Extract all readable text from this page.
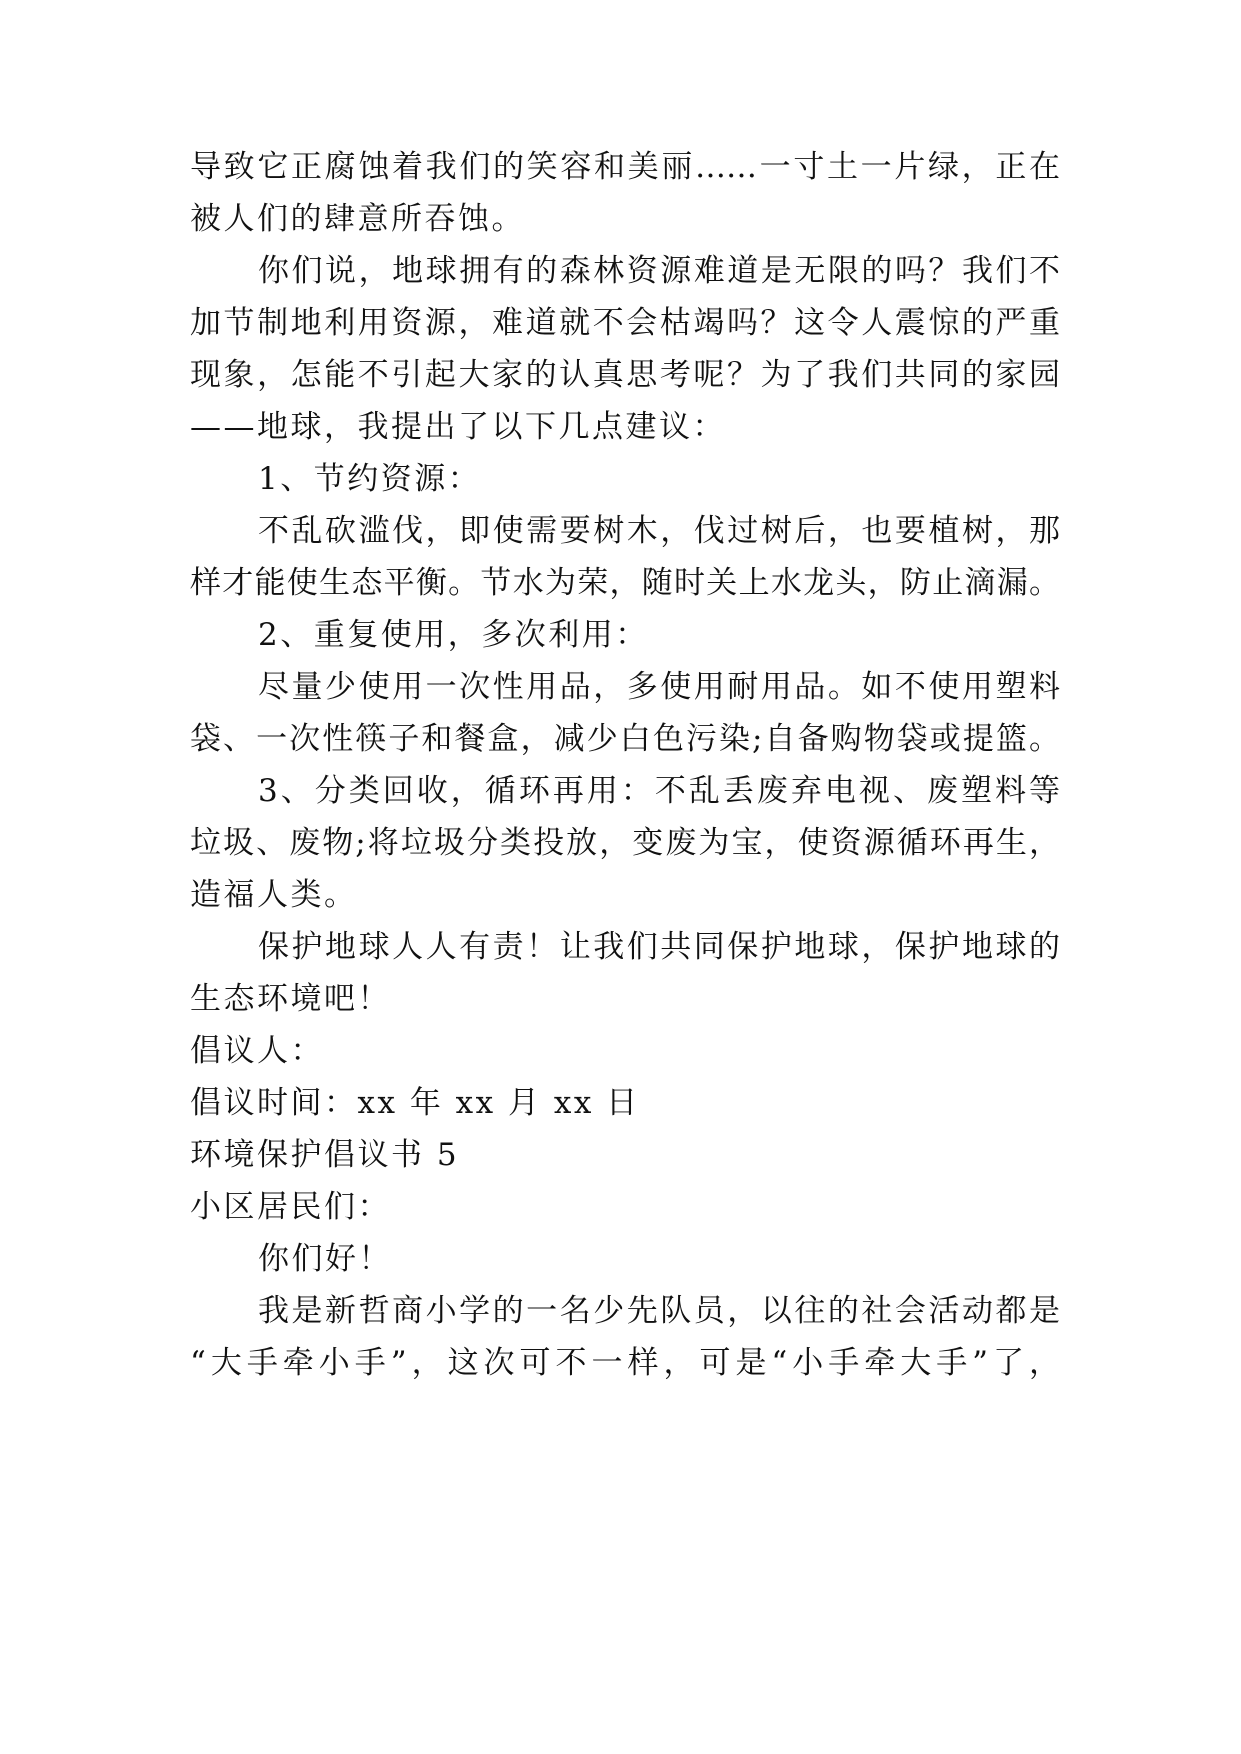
导致它正腐蚀着我们的笑容和美丽……一寸土一片绿，正在
被人们的肆意所吞蚀。
你们说，地球拥有的森林资源难道是无限的吗？我们不
加节制地利用资源，难道就不会枯竭吗？这令人震惊的严重
现象，怎能不引起大家的认真思考呢？为了我们共同的家园
——地球，我提出了以下几点建议：
1、节约资源：
不乱砍滥伐，即使需要树木，伐过树后，也要植树，那
样才能使生态平衡。节水为荣，随时关上水龙头，防止滴漏。
2、重复使用，多次利用：
尽量少使用一次性用品，多使用耐用品。如不使用塑料
袋、一次性筷子和餐盒，减少白色污染;自备购物袋或提篮。
3、分类回收，循环再用：不乱丢废弃电视、废塑料等
垃圾、废物;将垃圾分类投放，变废为宝，使资源循环再生，
造福人类。
保护地球人人有责！让我们共同保护地球，保护地球的
生态环境吧！
倡议人：
倡议时间：xx 年 xx 月 xx 日
环境保护倡议书 5
小区居民们：
你们好！
我是新哲商小学的一名少先队员，以往的社会活动都是
“大手牵小手”，这次可不一样，可是“小手牵大手”了，
